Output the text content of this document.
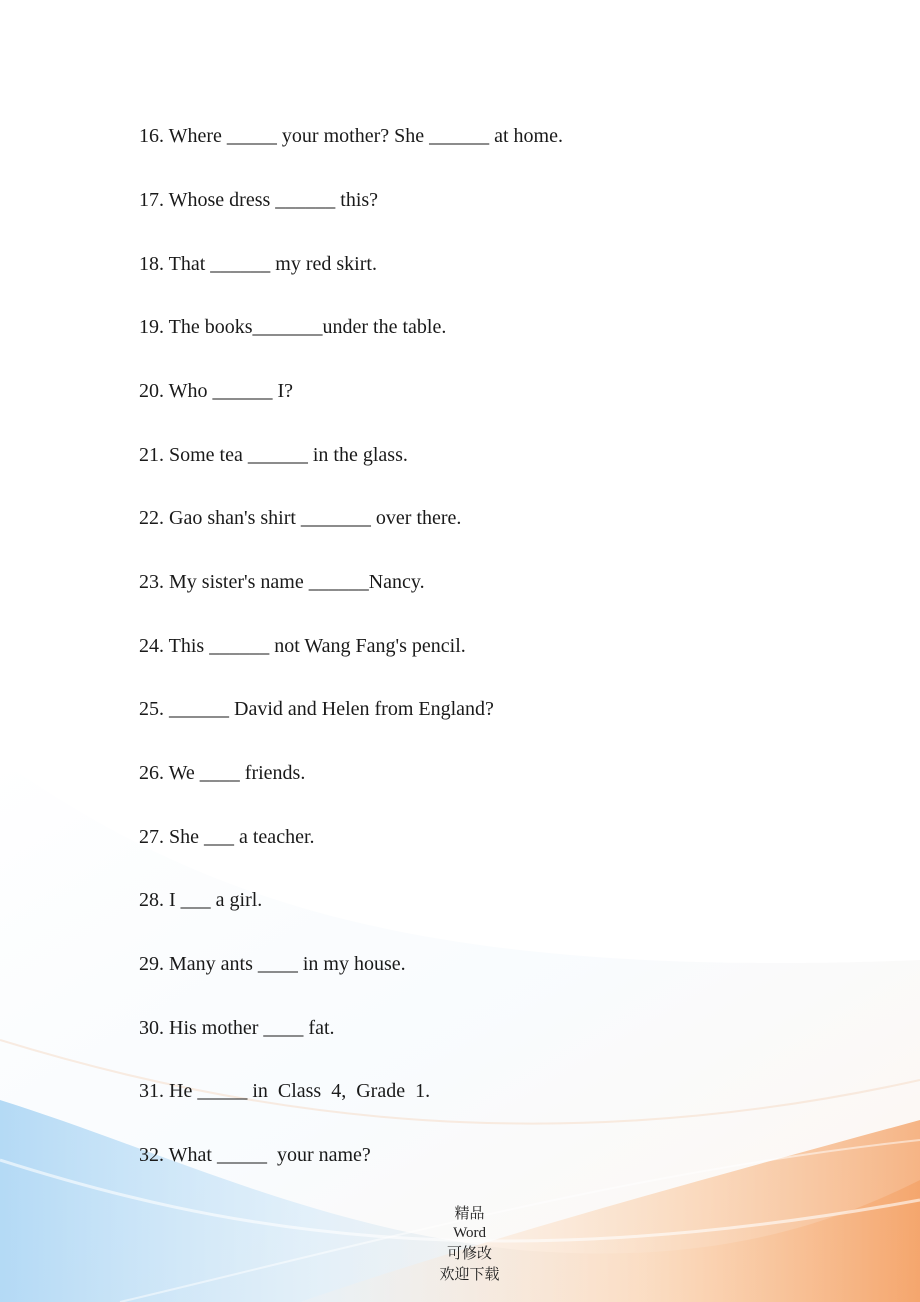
16. Where _____ your mother? She ______ at home.

17. Whose dress ______ this?

18. That ______ my red skirt.

19. The books_______under the table.

20. Who ______ I?

21. Some tea ______ in the glass.

22. Gao shan's shirt _______ over there.

23. My sister's name ______Nancy.

24. This ______ not Wang Fang's pencil.

25. ______ David and Helen from England?

26. We ____ friends.

27. She ___ a teacher.

28. I ___ a girl.

29. Many ants ____ in my house.

30. His mother ____ fat.

31. He _____ in  Class  4,  Grade  1.

32. What _____  your name?

精品
Word
可修改
欢迎下载
